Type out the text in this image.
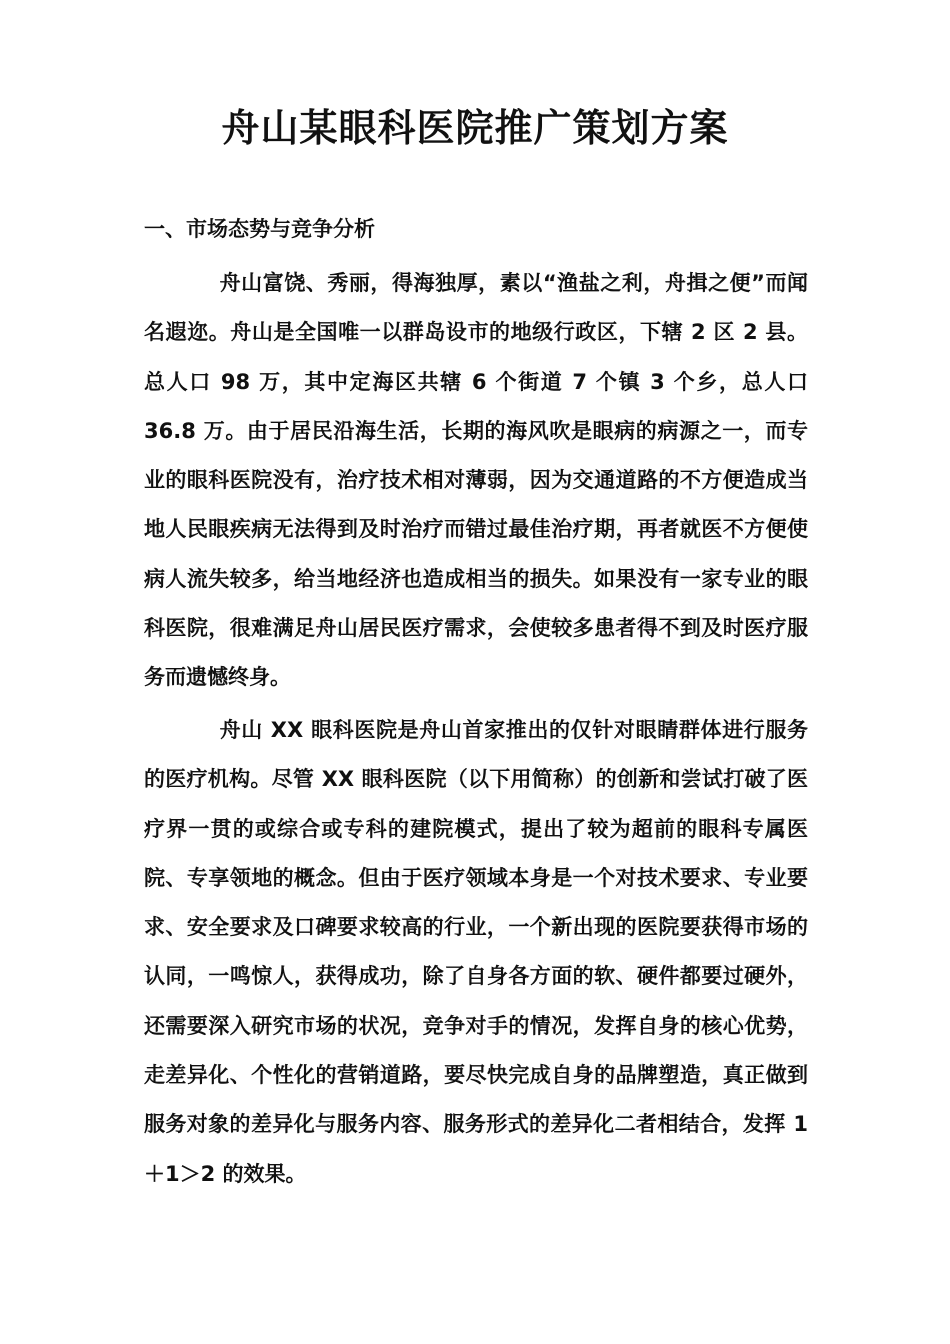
舟山某眼科医院推广策划方案
一、市场态势与竞争分析

舟山富饶、秀丽，得海独厚，素以“渔盐之利，舟揖之便”而闻名遐迩。舟山是全国唯一以群岛设市的地级行政区，下辖 2 区 2 县。总人口 98 万，其中定海区共辖 6 个街道 7 个镇 3 个乡，总人口 36.8 万。由于居民沿海生活，长期的海风吹是眼病的病源之一，而专业的眼科医院没有，治疗技术相对薄弱，因为交通道路的不方便造成当地人民眼疾病无法得到及时治疗而错过最佳治疗期，再者就医不方便使病人流失较多，给当地经济也造成相当的损失。如果没有一家专业的眼科医院，很难满足舟山居民医疗需求，会使较多患者得不到及时医疗服务而遗憾终身。

舟山 XX 眼科医院是舟山首家推出的仅针对眼睛群体进行服务的医疗机构。尽管 XX 眼科医院（以下用简称）的创新和尝试打破了医疗界一贯的或综合或专科的建院模式，提出了较为超前的眼科专属医院、专享领地的概念。但由于医疗领域本身是一个对技术要求、专业要求、安全要求及口碑要求较高的行业，一个新出现的医院要获得市场的认同，一鸣惊人，获得成功，除了自身各方面的软、硬件都要过硬外，还需要深入研究市场的状况，竞争对手的情况，发挥自身的核心优势，走差异化、个性化的营销道路，要尽快完成自身的品牌塑造，真正做到服务对象的差异化与服务内容、服务形式的差异化二者相结合，发挥 1＋1＞2 的效果。
